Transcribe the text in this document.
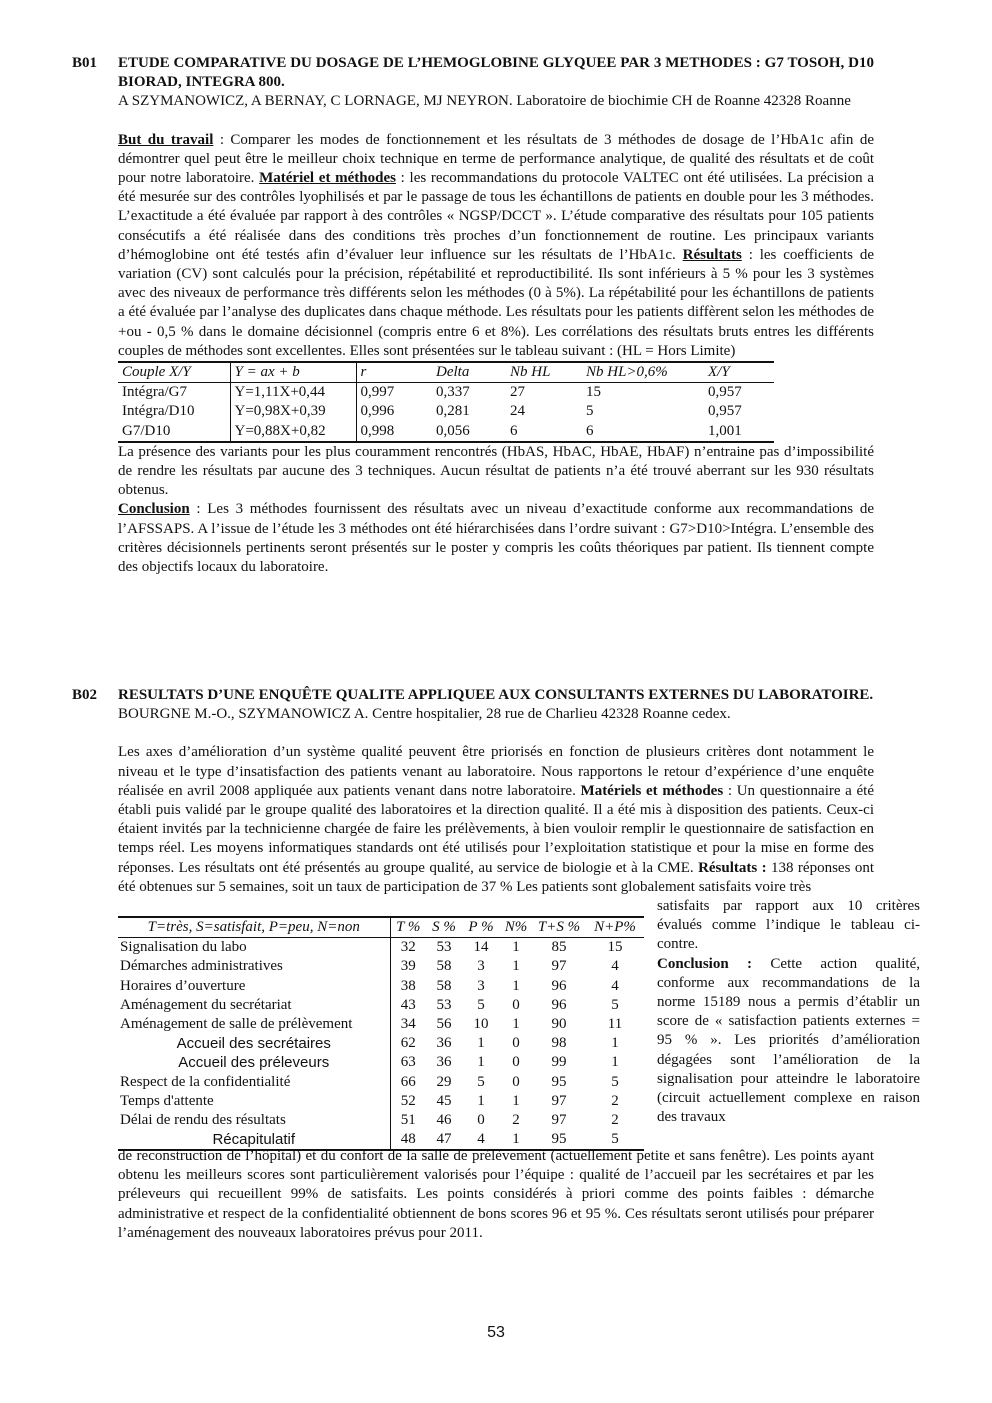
B01 ETUDE COMPARATIVE DU DOSAGE DE L’HEMOGLOBINE GLYQUEE PAR 3 METHODES : G7 TOSOH, D10 BIORAD, INTEGRA 800.
A SZYMANOWICZ, A BERNAY, C LORNAGE, MJ NEYRON. Laboratoire de biochimie CH de Roanne 42328 Roanne
But du travail : Comparer les modes de fonctionnement et les résultats de 3 méthodes de dosage de l’HbA1c afin de démontrer quel peut être le meilleur choix technique en terme de performance analytique, de qualité des résultats et de coût pour notre laboratoire. Matériel et méthodes : les recommandations du protocole VALTEC ont été utilisées. La précision a été mesurée sur des contrôles lyophilisés et par le passage de tous les échantillons de patients en double pour les 3 méthodes. L’exactitude a été évaluée par rapport à des contrôles « NGSP/DCCT ». L’étude comparative des résultats pour 105 patients consécutifs a été réalisée dans des conditions très proches d’un fonctionnement de routine. Les principaux variants d’hémoglobine ont été testés afin d’évaluer leur influence sur les résultats de l’HbA1c. Résultats : les coefficients de variation (CV) sont calculés pour la précision, répétabilité et reproductibilité. Ils sont inférieurs à 5 % pour les 3 systèmes avec des niveaux de performance très différents selon les méthodes (0 à 5%). La répétabilité pour les échantillons de patients a été évaluée par l’analyse des duplicates dans chaque méthode. Les résultats pour les patients diffèrent selon les méthodes de +ou - 0,5 % dans le domaine décisionnel (compris entre 6 et 8%). Les corrélations des résultats bruts entres les différents couples de méthodes sont excellentes. Elles sont présentées sur le tableau suivant : (HL = Hors Limite)
Couple X/Y	Y = ax + b	r	Delta	Nb HL	Nb HL>0,6%	X/Y
Intégra/G7	Y=1,11X+0,44	0,997	0,337	27	15	0,957
Intégra/D10	Y=0,98X+0,39	0,996	0,281	24	5	0,957
G7/D10	Y=0,88X+0,82	0,998	0,056	6	6	1,001
La présence des variants pour les plus couramment rencontrés (HbAS, HbAC, HbAE, HbAF) n’entraine pas d’impossibilité de rendre les résultats par aucune des 3 techniques. Aucun résultat de patients n’a été trouvé aberrant sur les 930 résultats obtenus.
Conclusion : Les 3 méthodes fournissent des résultats avec un niveau d’exactitude conforme aux recommandations de l’AFSSAPS. A l’issue de l’étude les 3 méthodes ont été hiérarchisées dans l’ordre suivant : G7>D10>Intégra. L’ensemble des critères décisionnels pertinents seront présentés sur le poster y compris les coûts théoriques par patient. Ils tiennent compte des objectifs locaux du laboratoire.
B02 RESULTATS D’UNE ENQUÊTE QUALITE APPLIQUEE AUX CONSULTANTS EXTERNES DU LABORATOIRE.
BOURGNE M.-O., SZYMANOWICZ A. Centre hospitalier, 28 rue de Charlieu 42328 Roanne cedex.
Les axes d’amélioration d’un système qualité peuvent être priorisés en fonction de plusieurs critères dont notamment le niveau et le type d’insatisfaction des patients venant au laboratoire. Nous rapportons le retour d’expérience d’une enquête réalisée en avril 2008 appliquée aux patients venant dans notre laboratoire. Matériels et méthodes : Un questionnaire a été établi puis validé par le groupe qualité des laboratoires et la direction qualité. Il a été mis à disposition des patients. Ceux-ci étaient invités par la technicienne chargée de faire les prélèvements, à bien vouloir remplir le questionnaire de satisfaction en temps réel. Les moyens informatiques standards ont été utilisés pour l’exploitation statistique et pour la mise en forme des réponses. Les résultats ont été présentés au groupe qualité, au service de biologie et à la CME. Résultats : 138 réponses ont été obtenues sur 5 semaines, soit un taux de participation de 37 % Les patients sont globalement satisfaits voire très
T=très, S=satisfait, P=peu, N=non	T %	S %	P %	N%	T+S %	N+P%
Signalisation du labo	32	53	14	1	85	15
Démarches administratives	39	58	3	1	97	4
Horaires d’ouverture	38	58	3	1	96	4
Aménagement du secrétariat	43	53	5	0	96	5
Aménagement de salle de prélèvement	34	56	10	1	90	11
Accueil des secrétaires	62	36	1	0	98	1
Accueil des préleveurs	63	36	1	0	99	1
Respect de la confidentialité	66	29	5	0	95	5
Temps d'attente	52	45	1	1	97	2
Délai de rendu des résultats	51	46	0	2	97	2
Récapitulatif	48	47	4	1	95	5
satisfaits par rapport aux 10 critères évalués comme l’indique le tableau ci-contre.
Conclusion : Cette action qualité, conforme aux recommandations de la norme 15189 nous a permis d’établir un score de « satisfaction patients externes = 95 % ». Les priorités d’amélioration dégagées sont l’amélioration de la signalisation pour atteindre le laboratoire (circuit actuellement complexe en raison des travaux
de reconstruction de l’hôpital) et du confort de la salle de prélèvement (actuellement petite et sans fenêtre). Les points ayant obtenu les meilleurs scores sont particulièrement valorisés pour l’équipe : qualité de l’accueil par les secrétaires et par les préleveurs qui recueillent 99% de satisfaits. Les points considérés à priori comme des points faibles : démarche administrative et respect de la confidentialité obtiennent de bons scores 96 et 95 %. Ces résultats seront utilisés pour préparer l’aménagement des nouveaux laboratoires prévus pour 2011.
53
